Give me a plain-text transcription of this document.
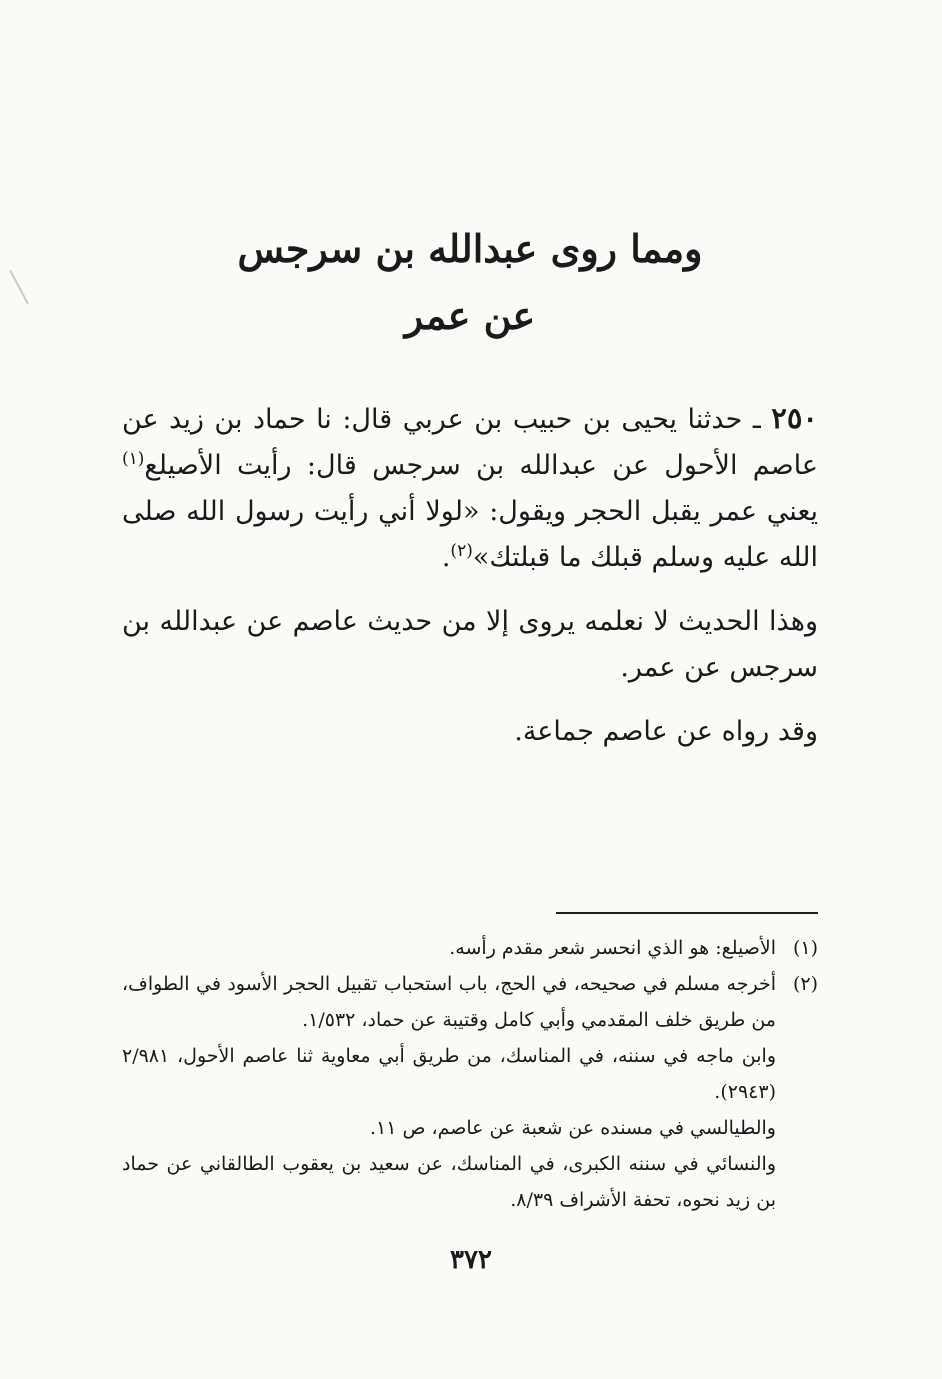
ومما روى عبدالله بن سرجس
عن عمر

٢٥٠ ـ حدثنا يحيى بن حبيب بن عربي قال: نا حماد بن زيد عن عاصم الأحول عن عبدالله بن سرجس قال: رأيت الأصيلع$^{(١)}$ يعني عمر يقبل الحجر ويقول: «لولا أني رأيت رسول الله صلى الله عليه وسلم قبلك ما قبلتك»$^{(٢)}$.

وهذا الحديث لا نعلمه يروى إلا من حديث عاصم عن عبدالله بن سرجس عن عمر.

وقد رواه عن عاصم جماعة.

(١)
الأصيلع: هو الذي انحسر شعر مقدم رأسه.

(٢)
أخرجه مسلم في صحيحه، في الحج، باب استحباب تقبيل الحجر الأسود في الطواف، من طريق خلف المقدمي وأبي كامل وقتيبة عن حماد، ١/٥٣٢.

وابن ماجه في سننه، في المناسك، من طريق أبي معاوية ثنا عاصم الأحول، ٢/٩٨١ (٢٩٤٣).

والطيالسي في مسنده عن شعبة عن عاصم، ص ١١.

والنسائي في سننه الكبرى، في المناسك، عن سعيد بن يعقوب الطالقاني عن حماد بن زيد نحوه، تحفة الأشراف ٨/٣٩.

٣٧٢
